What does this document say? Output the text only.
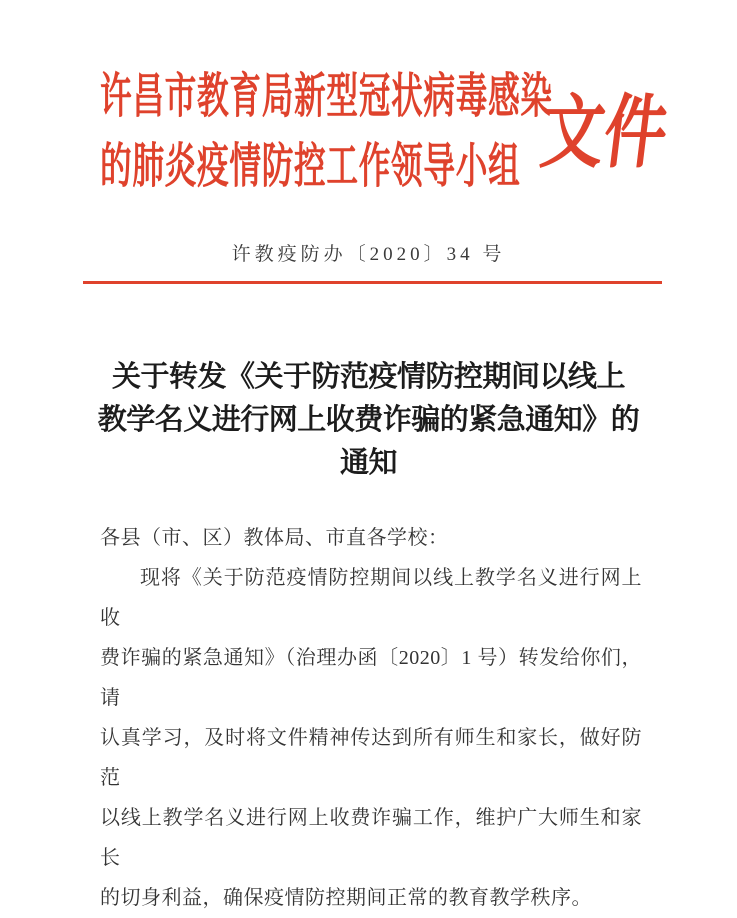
许昌市教育局新型冠状病毒感染
的肺炎疫情防控工作领导小组 文件
许教疫防办〔2020〕34 号
关于转发《关于防范疫情防控期间以线上
教学名义进行网上收费诈骗的紧急通知》的
通知
各县（市、区）教体局、市直各学校：
现将《关于防范疫情防控期间以线上教学名义进行网上收
费诈骗的紧急通知》（治理办函〔2020〕1 号）转发给你们，请
认真学习，及时将文件精神传达到所有师生和家长，做好防范
以线上教学名义进行网上收费诈骗工作，维护广大师生和家长
的切身利益，确保疫情防控期间正常的教育教学秩序。
